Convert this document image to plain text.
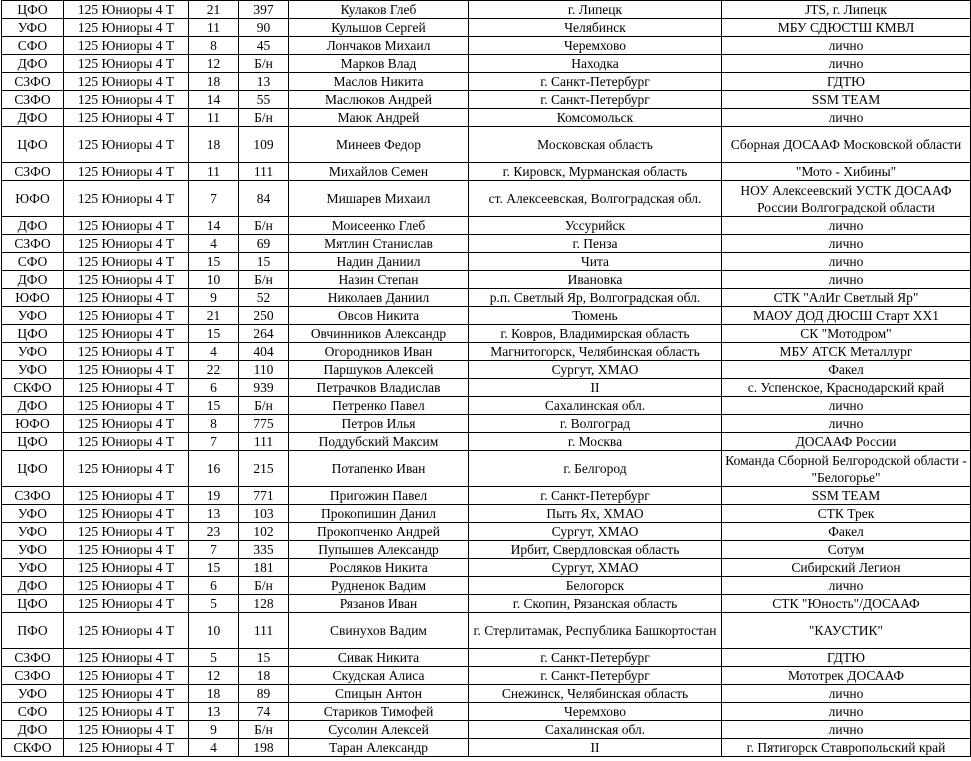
ЦФО	125 Юниоры 4 Т	21	397	Кулаков Глеб	г. Липецк	JTS, г. Липецк
УФО	125 Юниоры 4 Т	11	90	Кульшов Сергей	Челябинск	МБУ СДЮСТШ КМВЛ
СФО	125 Юниоры 4 Т	8	45	Лончаков Михаил	Черемхово	лично
ДФО	125 Юниоры 4 Т	12	Б/н	Марков Влад	Находка	лично
СЗФО	125 Юниоры 4 Т	18	13	Маслов Никита	г. Санкт-Петербург	ГДТЮ
СЗФО	125 Юниоры 4 Т	14	55	Маслюков Андрей	г. Санкт-Петербург	SSM TEAM
ДФО	125 Юниоры 4 Т	11	Б/н	Маюк Андрей	Комсомольск	лично
ЦФО	125 Юниоры 4 Т	18	109	Минеев Федор	Московская область	Сборная ДОСААФ Московской области
СЗФО	125 Юниоры 4 Т	11	111	Михайлов Семен	г. Кировск, Мурманская область	"Мото - Хибины"
ЮФО	125 Юниоры 4 Т	7	84	Мишарев Михаил	ст. Алексеевская, Волгоградская обл.	НОУ Алексеевский УСТК ДОСААФ России Волгоградской области
ДФО	125 Юниоры 4 Т	14	Б/н	Моисеенко Глеб	Уссурийск	лично
СЗФО	125 Юниоры 4 Т	4	69	Мятлин Станислав	г. Пенза	лично
СФО	125 Юниоры 4 Т	15	15	Надин Даниил	Чита	лично
ДФО	125 Юниоры 4 Т	10	Б/н	Назин Степан	Ивановка	лично
ЮФО	125 Юниоры 4 Т	9	52	Николаев Даниил	р.п. Светлый Яр, Волгоградская обл.	СТК "АлИг Светлый Яр"
УФО	125 Юниоры 4 Т	21	250	Овсов Никита	Тюмень	МАОУ ДОД ДЮСШ Старт XX1
ЦФО	125 Юниоры 4 Т	15	264	Овчинников Александр	г. Ковров, Владимирская область	СК "Мотодром"
УФО	125 Юниоры 4 Т	4	404	Огородников Иван	Магнитогорск, Челябинская область	МБУ АТСК Металлург
УФО	125 Юниоры 4 Т	22	110	Паршуков Алексей	Сургут, ХМАО	Факел
СКФО	125 Юниоры 4 Т	6	939	Петрачков Владислав	II	с. Успенское, Краснодарский край
ДФО	125 Юниоры 4 Т	15	Б/н	Петренко Павел	Сахалинская обл.	лично
ЮФО	125 Юниоры 4 Т	8	775	Петров Илья	г. Волгоград	лично
ЦФО	125 Юниоры 4 Т	7	111	Поддубский Максим	г. Москва	ДОСААФ России
ЦФО	125 Юниоры 4 Т	16	215	Потапенко Иван	г. Белгород	Команда Сборной Белгородской области - "Белогорье"
СЗФО	125 Юниоры 4 Т	19	771	Пригожин Павел	г. Санкт-Петербург	SSM TEAM
УФО	125 Юниоры 4 Т	13	103	Прокопишин Данил	Пыть Ях, ХМАО	СТК Трек
УФО	125 Юниоры 4 Т	23	102	Прокопченко Андрей	Сургут, ХМАО	Факел
УФО	125 Юниоры 4 Т	7	335	Пупышев Александр	Ирбит, Свердловская область	Сотум
УФО	125 Юниоры 4 Т	15	181	Росляков Никита	Сургут, ХМАО	Сибирский Легион
ДФО	125 Юниоры 4 Т	6	Б/н	Рудненок Вадим	Белогорск	лично
ЦФО	125 Юниоры 4 Т	5	128	Рязанов Иван	г. Скопин, Рязанская область	СТК "Юность"/ДОСААФ
ПФО	125 Юниоры 4 Т	10	111	Свинухов Вадим	г. Стерлитамак, Республика Башкортостан	"КАУСТИК"
СЗФО	125 Юниоры 4 Т	5	15	Сивак Никита	г. Санкт-Петербург	ГДТЮ
СЗФО	125 Юниоры 4 Т	12	18	Скудская Алиса	г. Санкт-Петербург	Мототрек ДОСААФ
УФО	125 Юниоры 4 Т	18	89	Спицын Антон	Снежинск, Челябинская область	лично
СФО	125 Юниоры 4 Т	13	74	Стариков Тимофей	Черемхово	лично
ДФО	125 Юниоры 4 Т	9	Б/н	Сусолин Алексей	Сахалинская обл.	лично
СКФО	125 Юниоры 4 Т	4	198	Таран Александр	II	г. Пятигорск Ставропольский край
